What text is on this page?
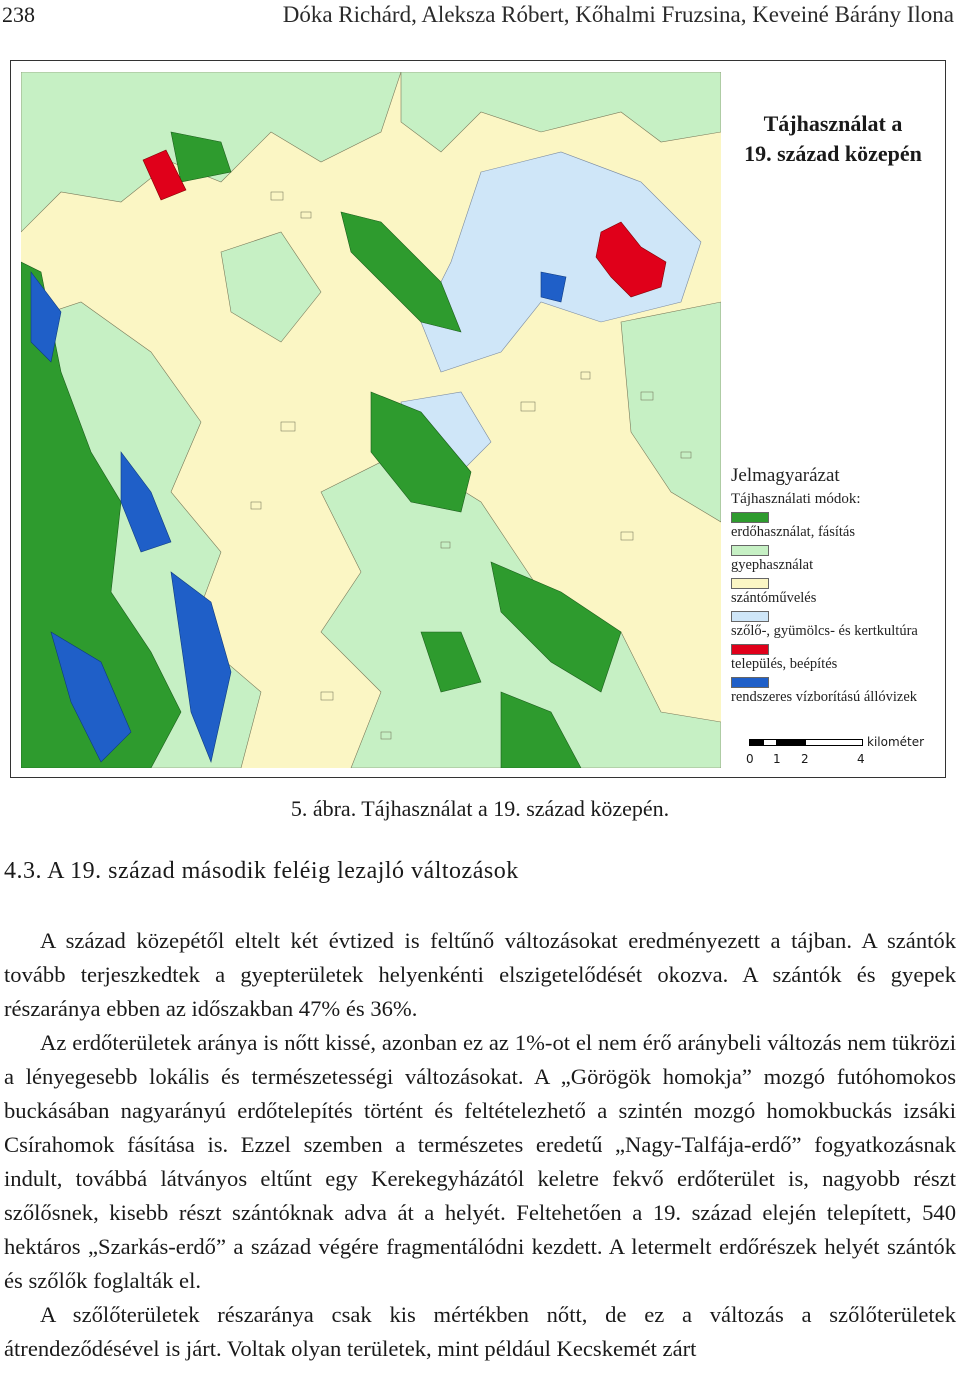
238	Dóka Richárd, Aleksza Róbert, Kőhalmi Fruzsina, Keveiné Bárány Ilona
Tájhasználat a
19. század közepén
Jelmagyarázat
Tájhasználati módok:
erdőhasználat, fásítás
gyephasználat
szántóművelés
szőlő-, gyümölcs- és kertkultúra
település, beépítés
rendszeres vízborítású állóvizek
kilométer
0 1 2	4
5. ábra. Tájhasználat a 19. század közepén.
4.3. A 19. század második feléig lezajló változások

A század közepétől eltelt két évtized is feltűnő változásokat eredményezett a tájban. A szántók tovább terjeszkedtek a gyepterületek helyenkénti elszigetelődését okozva. A szántók és gyepek részaránya ebben az időszakban 47% és 36%.

Az erdőterületek aránya is nőtt kissé, azonban ez az 1%-ot el nem érő aránybeli változás nem tükrözi a lényegesebb lokális és természetességi változásokat. A „Görögök homokja” mozgó futóhomokos buckásában nagyarányú erdőtelepítés történt és feltételezhető a szintén mozgó homokbuckás izsáki Csírahomok fásítása is. Ezzel szemben a természetes eredetű „Nagy-Talfája-erdő” fogyatkozásnak indult, továbbá látványos eltűnt egy Kerekegyházától keletre fekvő erdőterület is, nagyobb részt szőlősnek, kisebb részt szántóknak adva át a helyét. Feltehetően a 19. század elején telepített, 540 hektáros „Szarkás-erdő” a század végére fragmentálódni kezdett. A letermelt erdőrészek helyét szántók és szőlők foglalták el.

A szőlőterületek részaránya csak kis mértékben nőtt, de ez a változás a szőlőterületek átrendeződésével is járt. Voltak olyan területek, mint például Kecskemét zárt
